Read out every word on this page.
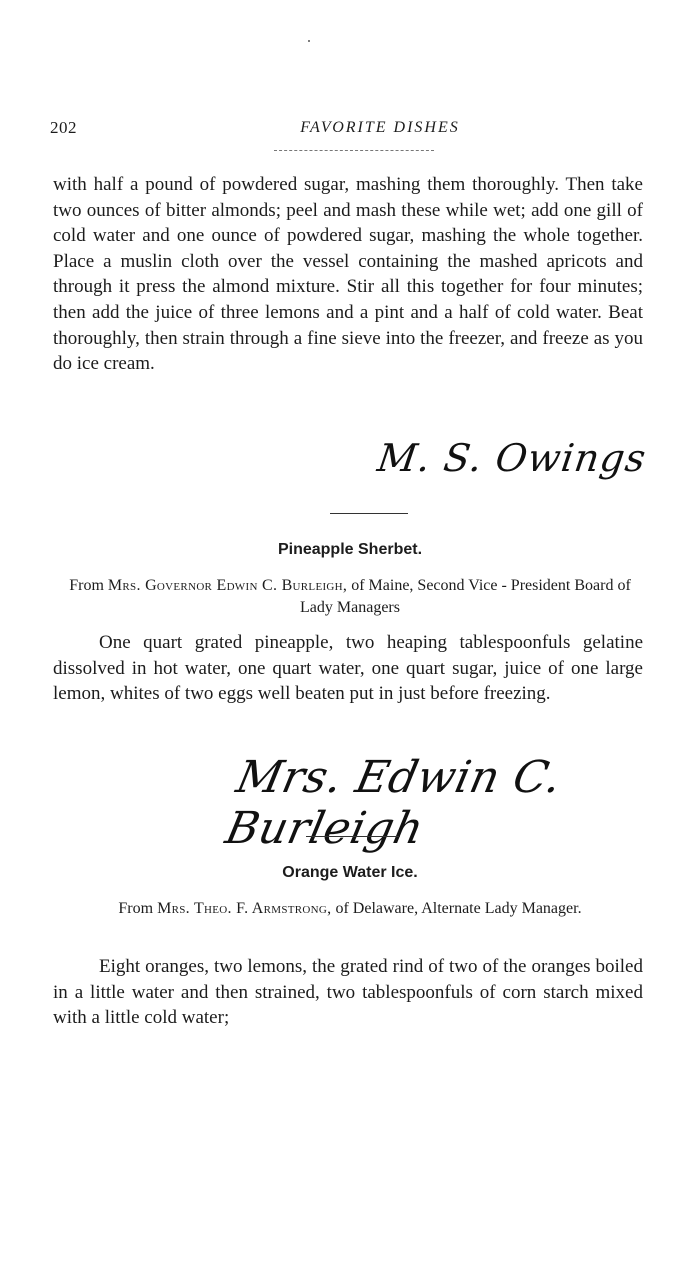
202	FAVORITE DISHES

with half a pound of powdered sugar, mashing them thoroughly. Then take two ounces of bitter almonds; peel and mash these while wet; add one gill of cold water and one ounce of powdered sugar, mashing the whole together. Place a muslin cloth over the vessel containing the mashed apricots and through it press the almond mixture. Stir all this together for four minutes; then add the juice of three lemons and a pint and a half of cold water. Beat thoroughly, then strain through a fine sieve into the freezer, and freeze as you do ice cream.

M. S. Owings
Pineapple Sherbet.

From Mrs. Governor Edwin C. Burleigh, of Maine, Second Vice - President Board of Lady Managers

One quart grated pineapple, two heaping tablespoonfuls gelatine dissolved in hot water, one quart water, one quart sugar, juice of one large lemon, whites of two eggs well beaten put in just before freezing.

Mrs. Edwin C. Burleigh
Orange Water Ice.

From Mrs. Theo. F. Armstrong, of Delaware, Alternate Lady Manager.

Eight oranges, two lemons, the grated rind of two of the oranges boiled in a little water and then strained, two tablespoonfuls of corn starch mixed with a little cold water;
